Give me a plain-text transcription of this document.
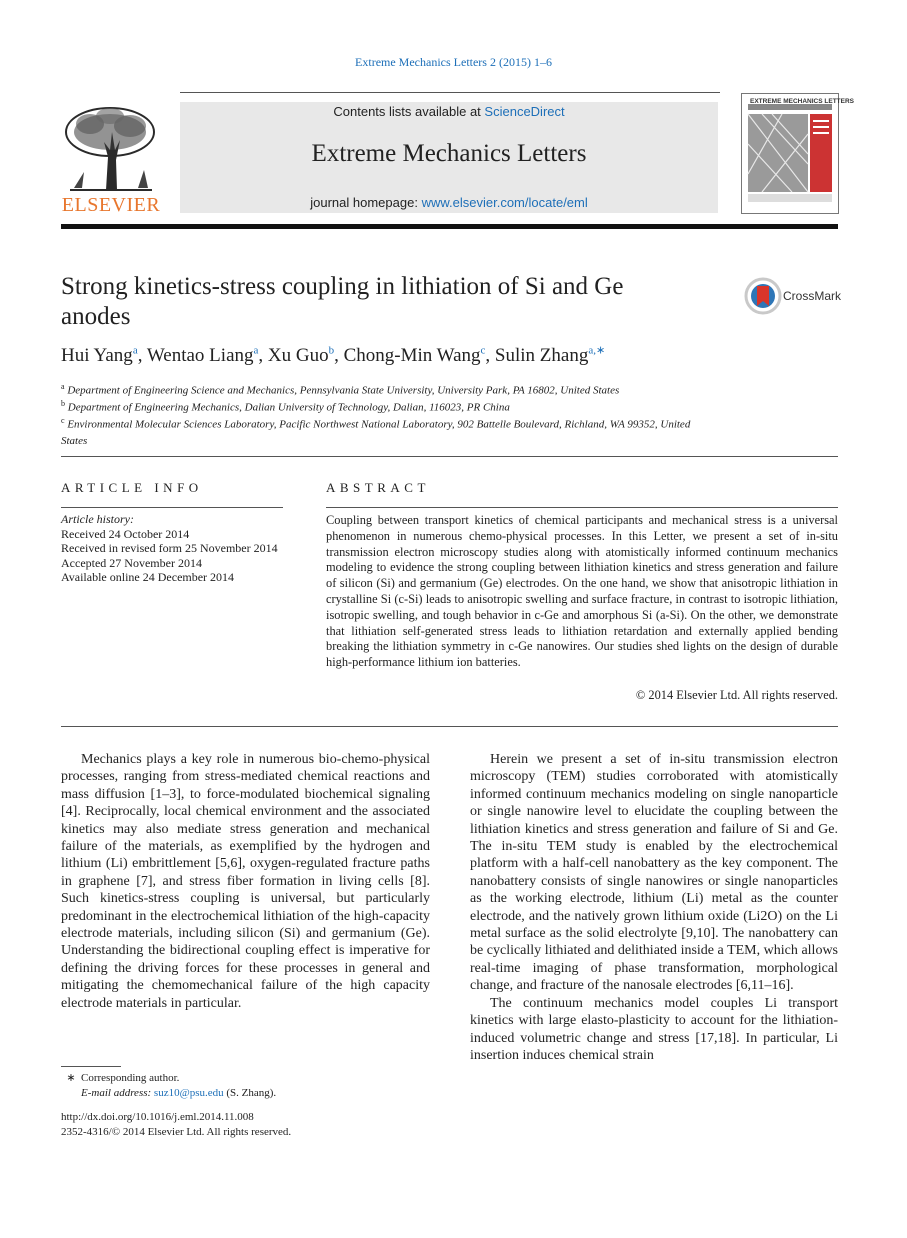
Extreme Mechanics Letters 2 (2015) 1–6
ELSEVIER
Contents lists available at ScienceDirect
Extreme Mechanics Letters
journal homepage: www.elsevier.com/locate/eml
EXTREME MECHANICS LETTERS
Strong kinetics-stress coupling in lithiation of Si and Ge anodes
CrossMark
Hui Yang$^a$, Wentao Liang$^a$, Xu Guo$^b$, Chong-Min Wang$^c$, Sulin Zhang$^{a,∗}$
$^a$ Department of Engineering Science and Mechanics, Pennsylvania State University, University Park, PA 16802, United States
$^b$ Department of Engineering Mechanics, Dalian University of Technology, Dalian, 116023, PR China
$^c$ Environmental Molecular Sciences Laboratory, Pacific Northwest National Laboratory, 902 Battelle Boulevard, Richland, WA 99352, United States
ARTICLE INFO
Article history:
Received 24 October 2014
Received in revised form 25 November 2014
Accepted 27 November 2014
Available online 24 December 2014
ABSTRACT
Coupling between transport kinetics of chemical participants and mechanical stress is a universal phenomenon in numerous chemo-physical processes. In this Letter, we present a set of in-situ transmission electron microscopy studies along with atomistically informed continuum mechanics modeling to evidence the strong coupling between lithiation kinetics and stress generation and failure of silicon (Si) and germanium (Ge) electrodes. On the one hand, we show that anisotropic lithiation in crystalline Si (c-Si) leads to anisotropic swelling and surface fracture, in contrast to isotropic lithiation, isotropic swelling, and tough behavior in c-Ge and amorphous Si (a-Si). On the other, we demonstrate that lithiation self-generated stress leads to lithiation retardation and externally applied bending breaking the lithiation symmetry in c-Ge nanowires. Our studies shed lights on the design of durable high-performance lithium ion batteries.
© 2014 Elsevier Ltd. All rights reserved.

Mechanics plays a key role in numerous bio-chemo-physical processes, ranging from stress-mediated chemical reactions and mass diffusion [1–3], to force-modulated biochemical signaling [4]. Reciprocally, local chemical environment and the associated kinetics may also mediate stress generation and mechanical failure of the materials, as exemplified by the hydrogen and lithium (Li) embrittlement [5,6], oxygen-regulated fracture paths in graphene [7], and stress fiber formation in living cells [8]. Such kinetics-stress coupling is universal, but particularly predominant in the electrochemical lithiation of the high-capacity electrode materials, including silicon (Si) and germanium (Ge). Understanding the bidirectional coupling effect is imperative for defining the driving forces for these processes in general and mitigating the chemomechanical failure of the high capacity electrode materials in particular.

Herein we present a set of in-situ transmission electron microscopy (TEM) studies corroborated with atomistically informed continuum mechanics modeling on single nanoparticle or single nanowire level to elucidate the coupling between the lithiation kinetics and stress generation and failure of Si and Ge. The in-situ TEM study is enabled by the electrochemical platform with a half-cell nanobattery as the key component. The nanobattery consists of single nanowires or single nanoparticles as the working electrode, lithium (Li) metal as the counter electrode, and the natively grown lithium oxide (Li2O) on the Li metal surface as the solid electrolyte [9,10]. The nanobattery can be cyclically lithiated and delithiated inside a TEM, which allows real-time imaging of phase transformation, morphological change, and fracture of the nanosale electrodes [6,11–16].

The continuum mechanics model couples Li transport kinetics with large elasto-plasticity to account for the lithiation-induced volumetric change and stress [17,18]. In particular, Li insertion induces chemical strain

∗ Corresponding author.
E-mail address: suz10@psu.edu (S. Zhang).
http://dx.doi.org/10.1016/j.eml.2014.11.008
2352-4316/© 2014 Elsevier Ltd. All rights reserved.
